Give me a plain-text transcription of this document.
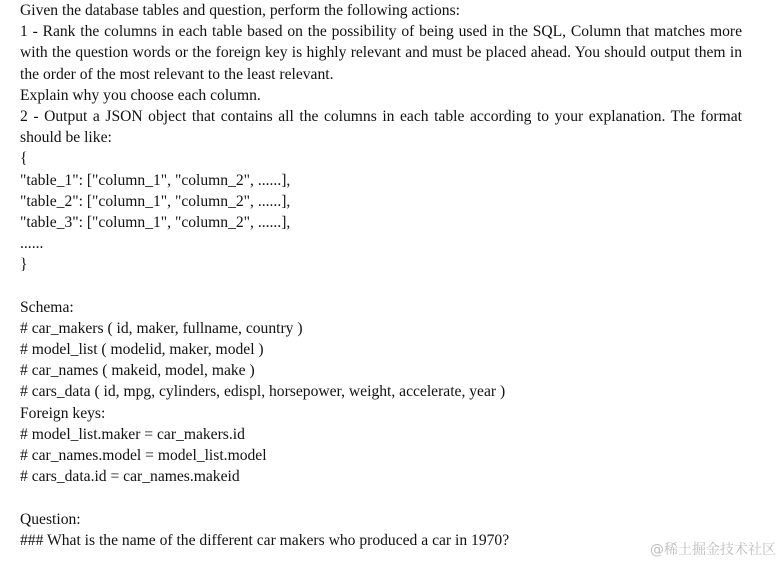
Given the database tables and question, perform the following actions:
1 - Rank the columns in each table based on the possibility of being used in the SQL, Column that matches more with the question words or the foreign key is highly relevant and must be placed ahead. You should output them in the order of the most relevant to the least relevant.
Explain why you choose each column.
2 - Output a JSON object that contains all the columns in each table according to your explanation. The format should be like:
{
"table_1": ["column_1", "column_2", ......],
"table_2": ["column_1", "column_2", ......],
"table_3": ["column_1", "column_2", ......],
......
}
Schema:
# car_makers ( id, maker, fullname, country )
# model_list ( modelid, maker, model )
# car_names ( makeid, model, make )
# cars_data ( id, mpg, cylinders, edispl, horsepower, weight, accelerate, year )
Foreign keys:
# model_list.maker = car_makers.id
# car_names.model = model_list.model
# cars_data.id = car_names.makeid
Question:
### What is the name of the different car makers who produced a car in 1970?
@稀土掘金技术社区
